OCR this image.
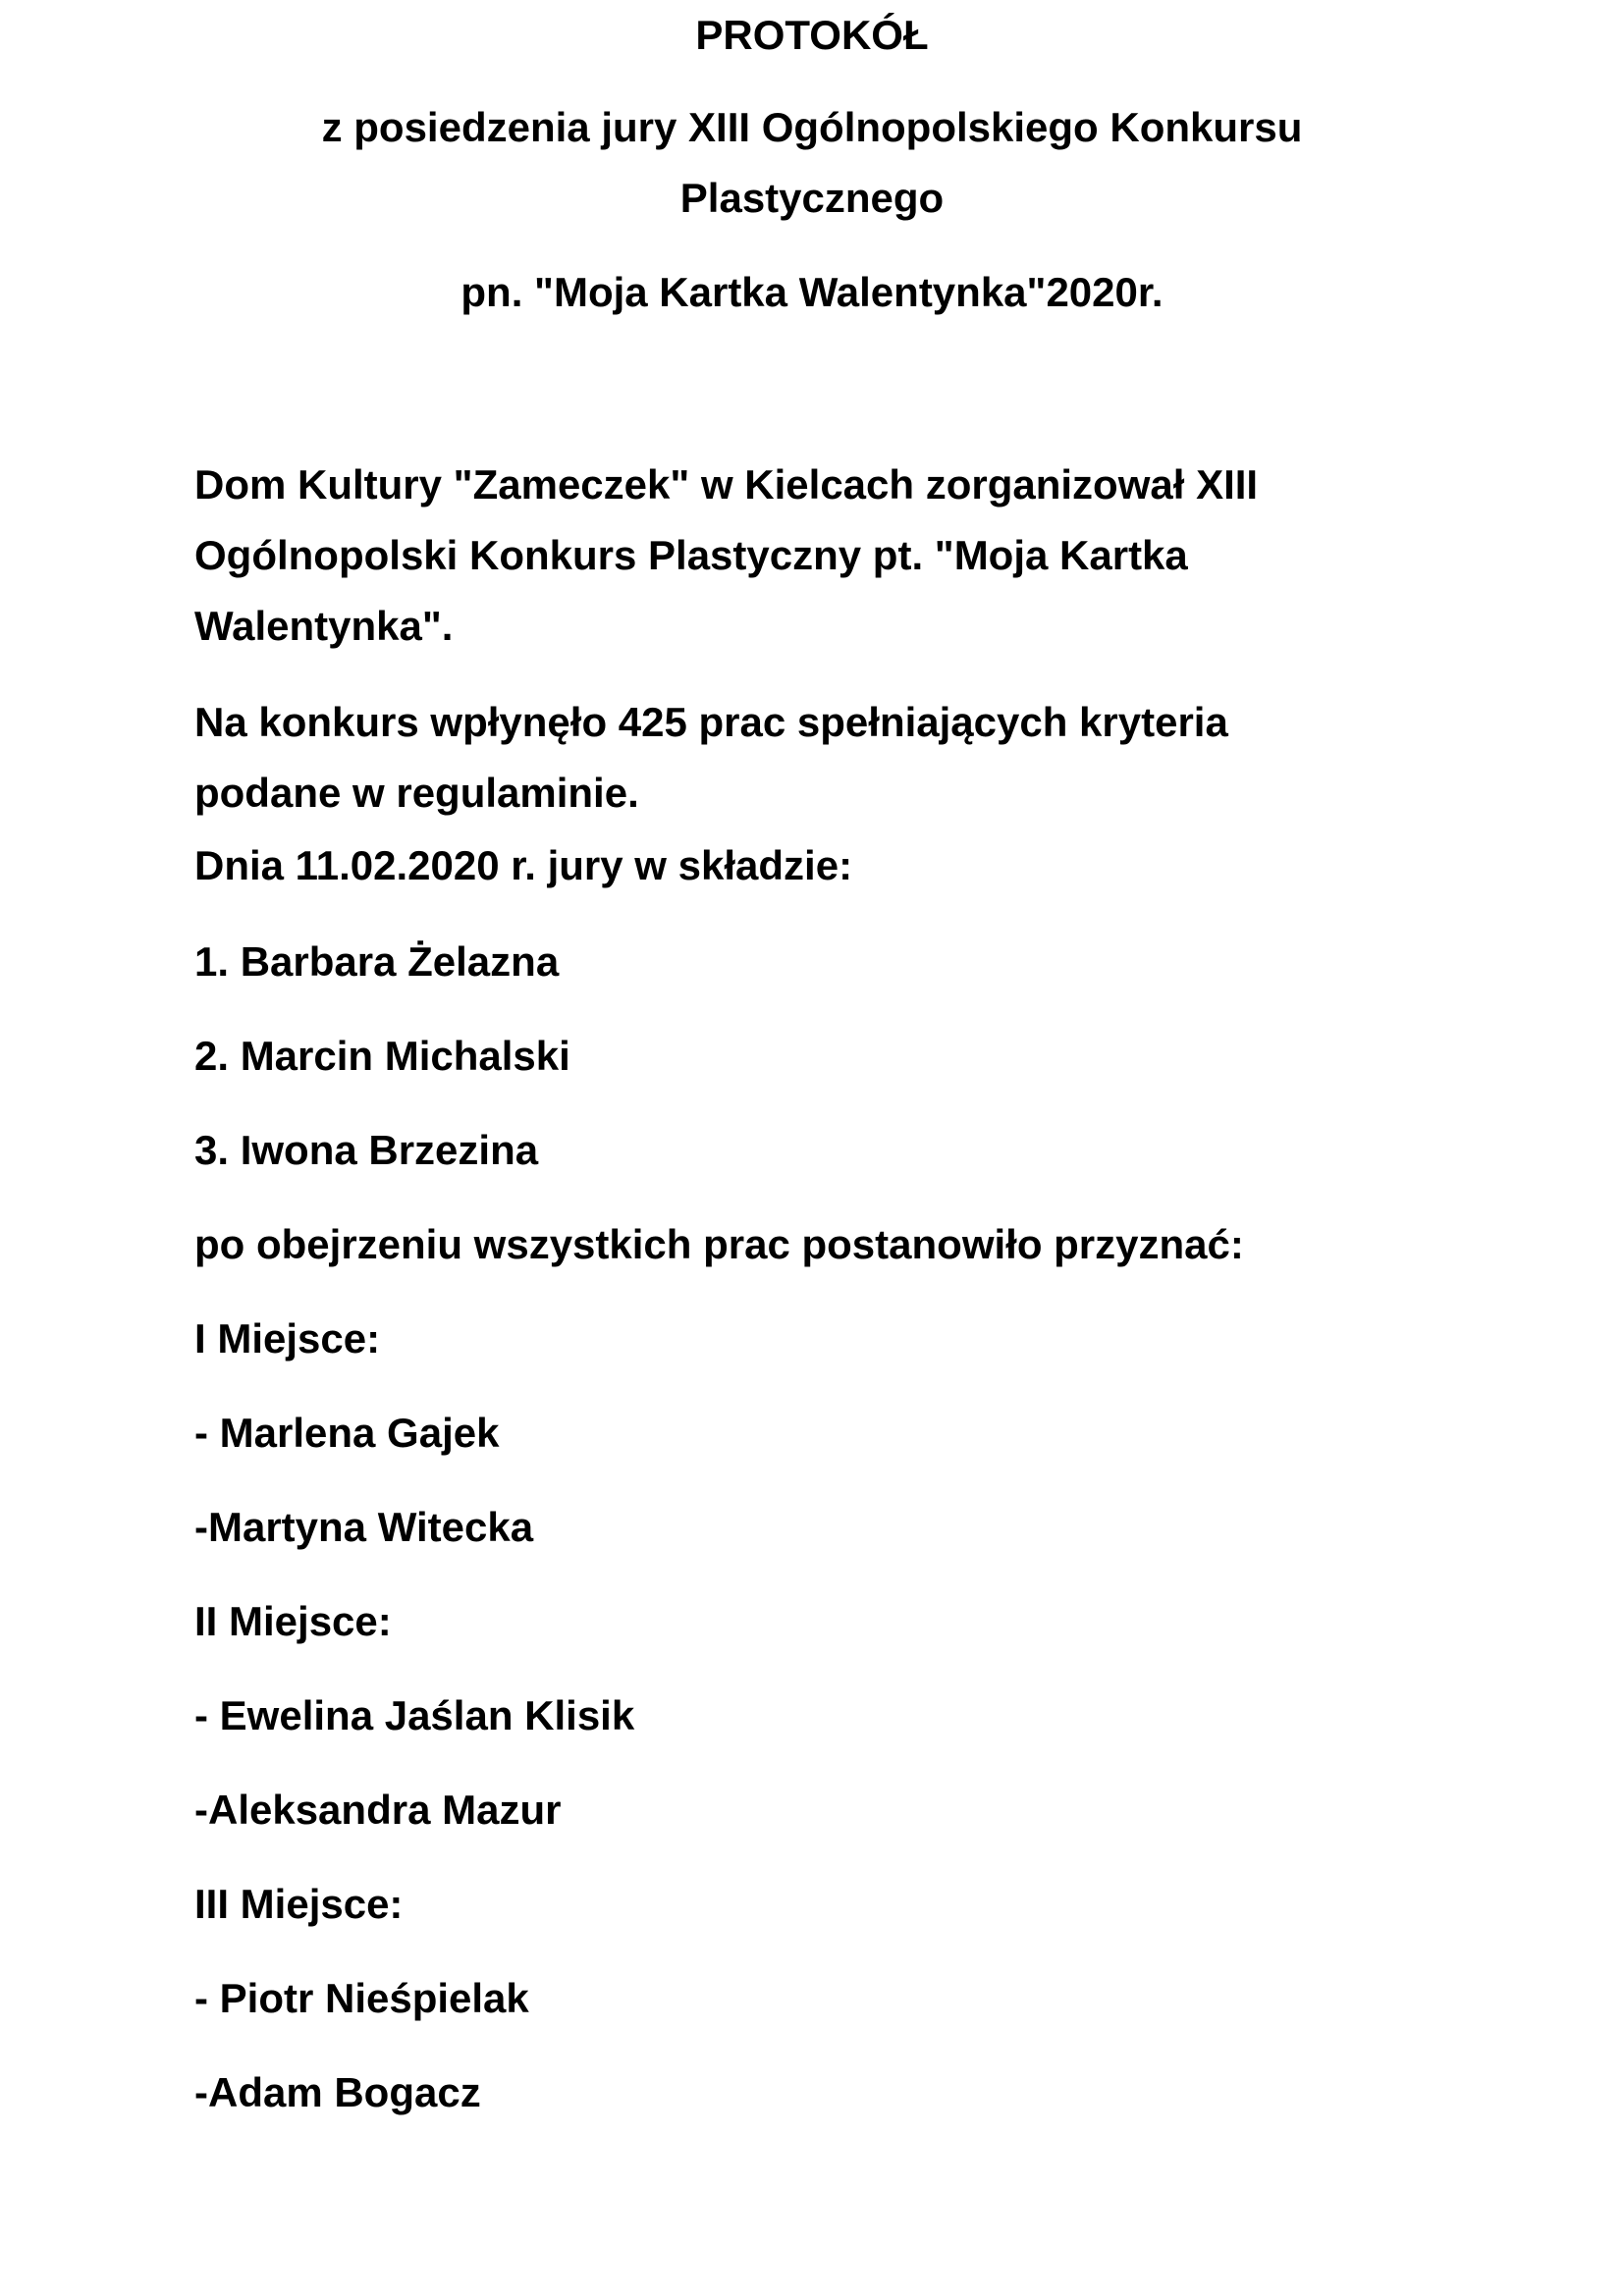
PROTOKÓŁ
z posiedzenia jury XIII Ogólnopolskiego Konkursu
Plastycznego
pn. "Moja Kartka Walentynka"2020r.
Dom Kultury "Zameczek" w Kielcach zorganizował XIII Ogólnopolski Konkurs Plastyczny pt. "Moja Kartka Walentynka".
Na konkurs wpłynęło 425 prac spełniających kryteria podane w regulaminie.
Dnia 11.02.2020 r. jury w składzie:
1. Barbara Żelazna
2. Marcin Michalski
3. Iwona Brzezina
po obejrzeniu wszystkich prac postanowiło przyznać:
I Miejsce:
- Marlena Gajek
-Martyna Witecka
II Miejsce:
- Ewelina Jaślan Klisik
-Aleksandra Mazur
III Miejsce:
- Piotr Nieśpielak
-Adam Bogacz
